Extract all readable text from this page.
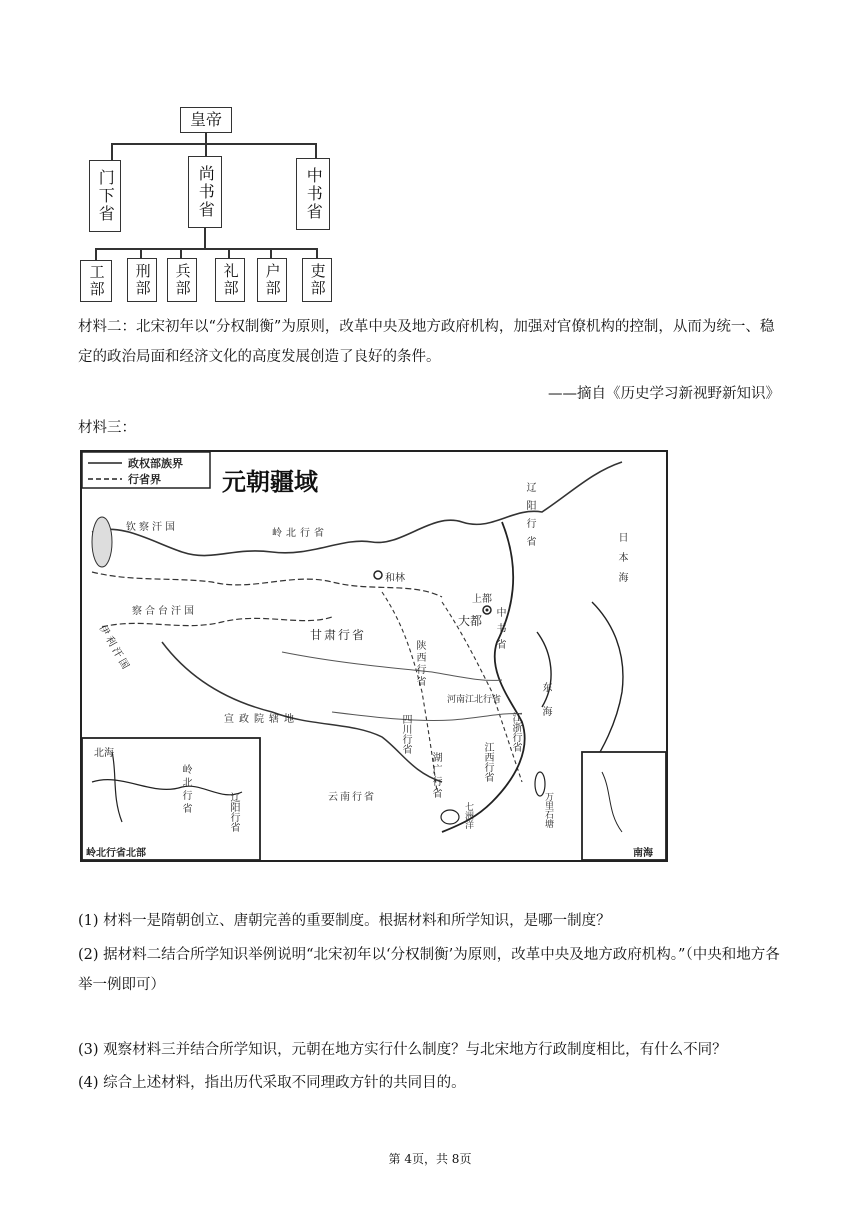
皇帝
门下省	尚书省	中书省
工部 刑部 兵部 礼部 户部 吏部
材料二：北宋初年以“分权制衡”为原则，改革中央及地方政府机构，加强对官僚机构的控制，从而为统一、稳定的政治局面和经济文化的高度发展创造了良好的条件。
——摘自《历史学习新视野新知识》
材料三：
政权部族界
行省界	元朝疆域
钦察汗国
岭北行省	辽阳行省
和林
察合台汗国
伊利汗国	甘肃行省
上都
大都 中书省
陕西行省
河南江北行省
宣政院辖地	四川行省	江浙行省
江西行省
湖广行省
云南行省
日本海
东海
万里石塘
七洲洋
南海
北海
岭北行省	辽阳行省
岭北行省北部
(1) 材料一是隋朝创立、唐朝完善的重要制度。根据材料和所学知识，是哪一制度？
(2) 据材料二结合所学知识举例说明“北宋初年以‘分权制衡’为原则，改革中央及地方政府机构。”（中央和地方各举一例即可）
(3) 观察材料三并结合所学知识，元朝在地方实行什么制度？与北宋地方行政制度相比，有什么不同？
(4) 综合上述材料，指出历代采取不同理政方针的共同目的。
第 4页，共 8页
